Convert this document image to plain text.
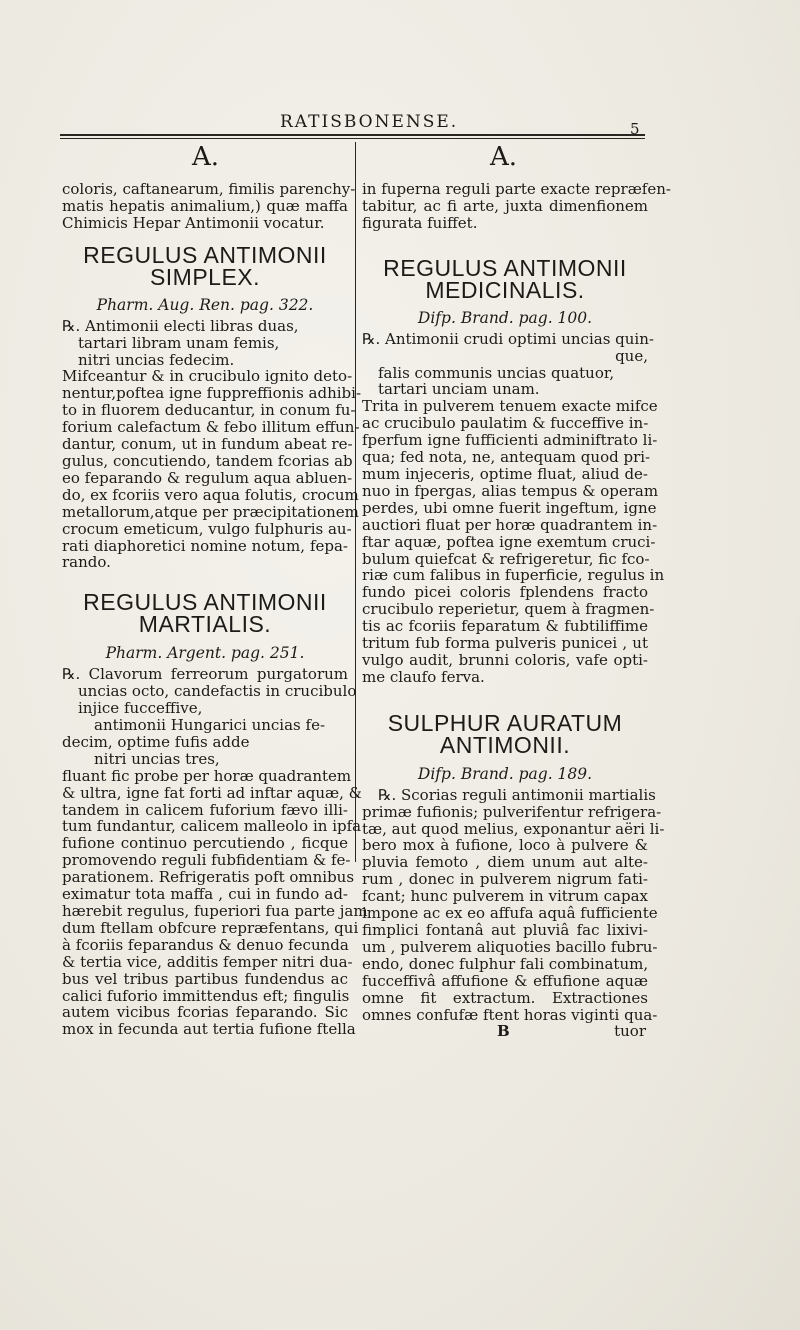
RATISBONENSE.	5
A.	A.

coloris, caftanearum, fimilis parenchy-

matis hepatis animalium,) quæ maffa

Chimicis Hepar Antimonii vocatur.

REGULUS ANTIMONII

SIMPLEX.

Pharm. Aug. Ren. pag. 322.

℞. Antimonii electi libras duas,

tartari libram unam femis,

nitri uncias fedecim.

Mifceantur & in crucibulo ignito deto-

nentur,poftea igne fuppreffionis adhibi-

to in fluorem deducantur, in conum fu-

forium calefactum & febo illitum effun-

dantur, conum, ut in fundum abeat re-

gulus, concutiendo, tandem fcorias ab

eo feparando & regulum aqua abluen-

do, ex fcoriis vero aqua folutis, crocum

metallorum,atque per præcipitationem

crocum emeticum, vulgo fulphuris au-

rati diaphoretici nomine notum, fepa-

rando.

REGULUS ANTIMONII

MARTIALIS.

Pharm. Argent. pag. 251.

℞. Clavorum ferreorum purgatorum

uncias octo, candefactis in crucibulo

injice fucceffive,

antimonii Hungarici uncias fe-

decim, optime fufis adde

nitri uncias tres,

fluant fic probe per horæ quadrantem

& ultra, igne fat forti ad inftar aquæ, &

tandem in calicem fuforium fævo illi-

tum fundantur, calicem malleolo in ipfa

fufione continuo percutiendo , ficque

promovendo reguli fubfidentiam & fe-

parationem. Refrigeratis poft omnibus

eximatur tota maffa , cui in fundo ad-

hærebit regulus, fuperiori fua parte jam

dum ftellam obfcure repræfentans, qui

à fcoriis feparandus & denuo fecunda

& tertia vice, additis femper nitri dua-

bus vel tribus partibus fundendus ac

calici fuforio immittendus eft; fingulis

autem vicibus fcorias feparando. Sic

mox in fecunda aut tertia fufione ftella

in fuperna reguli parte exacte repræfen-

tabitur, ac fi arte, juxta dimenfionem

figurata fuiffet.

REGULUS ANTIMONII

MEDICINALIS.

Difp. Brand. pag. 100.

℞. Antimonii crudi optimi uncias quin-

que,

falis communis uncias quatuor,

tartari unciam unam.

Trita in pulverem tenuem exacte mifce

ac crucibulo paulatim & fucceffive in-

fperfum igne fufficienti adminiftrato li-

qua; fed nota, ne, antequam quod pri-

mum injeceris, optime fluat, aliud de-

nuo in fpergas, alias tempus & operam

perdes, ubi omne fuerit ingeftum, igne

auctiori fluat per horæ quadrantem in-

ftar aquæ, poftea igne exemtum cruci-

bulum quiefcat & refrigeretur, fic fco-

riæ cum falibus in fuperficie, regulus in

fundo picei coloris fplendens fracto

crucibulo reperietur, quem à fragmen-

tis ac fcoriis feparatum & fubtiliffime

tritum fub forma pulveris punicei , ut

vulgo audit, brunni coloris, vafe opti-

me claufo ferva.

SULPHUR AURATUM

ANTIMONII.

Difp. Brand. pag. 189.

℞. Scorias reguli antimonii martialis

primæ fufionis; pulverifentur refrigera-

tæ, aut quod melius, exponantur aëri li-

bero mox à fufione, loco à pulvere &

pluvia femoto , diem unum aut alte-

rum , donec in pulverem nigrum fati-

fcant; hunc pulverem in vitrum capax

impone ac ex eo affufa aquâ fufficiente

fimplici fontanâ aut pluviâ fac lixivi-

um , pulverem aliquoties bacillo fubru-

endo, donec fulphur fali combinatum,

fucceffivâ affufione & effufione aquæ

omne fit extractum. Extractiones

omnes confufæ ftent horas viginti qua-

B	tuor
